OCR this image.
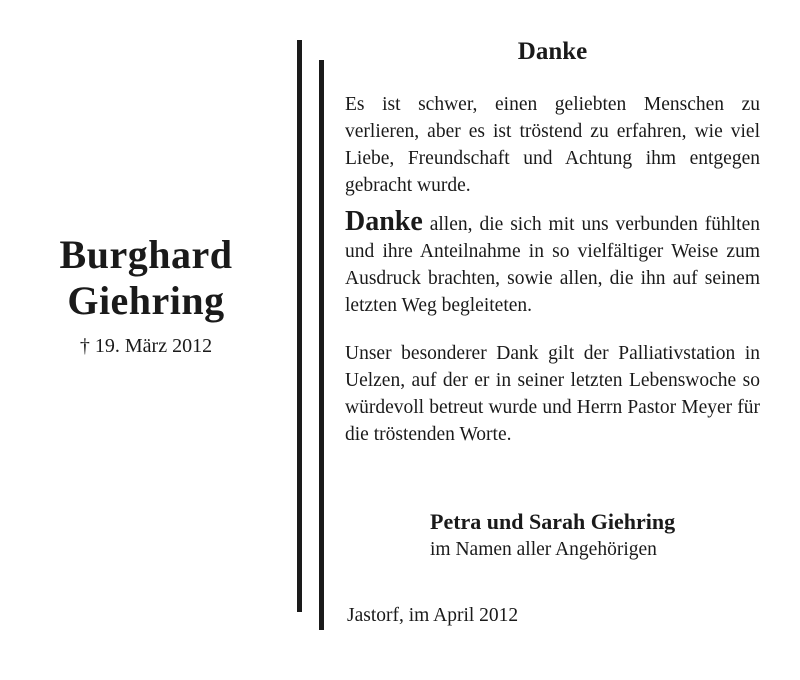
Burghard
Giehring
† 19. März 2012
Danke
Es ist schwer, einen geliebten Menschen zu verlieren, aber es ist tröstend zu erfahren, wie viel Liebe, Freundschaft und Achtung ihm entgegen gebracht wurde.
Danke allen, die sich mit uns verbunden fühlten und ihre Anteilnahme in so vielfältiger Weise zum Ausdruck brachten, sowie allen, die ihn auf seinem letzten Weg begleiteten.
Unser besonderer Dank gilt der Palliativstation in Uelzen, auf der er in seiner letzten Lebenswoche so würdevoll betreut wurde und Herrn Pastor Meyer für die tröstenden Worte.
Petra und Sarah Giehring
im Namen aller Angehörigen
Jastorf, im April 2012
